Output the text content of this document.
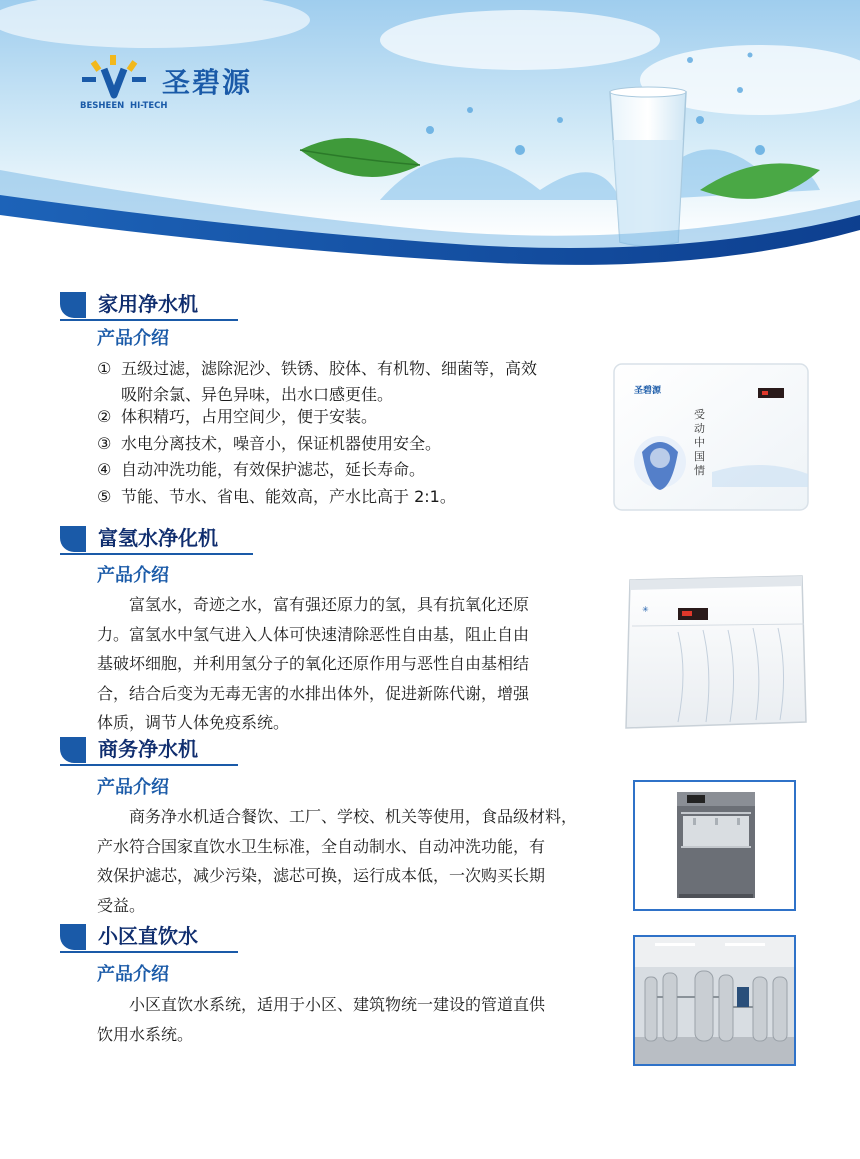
圣碧源
BESHEEN HI-TECH
家用净水机
产品介绍
① 五级过滤，滤除泥沙、铁锈、胶体、有机物、细菌等，高效
吸附余氯、异色异味，出水口感更佳。
② 体积精巧，占用空间少，便于安装。
③ 水电分离技术，噪音小，保证机器使用安全。
④ 自动冲洗功能，有效保护滤芯，延长寿命。
⑤ 节能、节水、省电、能效高，产水比高于 2:1。
圣碧源
受动中国情
富氢水净化机
产品介绍
富氢水，奇迹之水，富有强还原力的氢，具有抗氧化还原
力。富氢水中氢气进入人体可快速清除恶性自由基，阻止自由
基破坏细胞，并利用氢分子的氧化还原作用与恶性自由基相结
合，结合后变为无毒无害的水排出体外，促进新陈代谢，增强
体质，调节人体免疫系统。
✳
商务净水机
产品介绍
商务净水机适合餐饮、工厂、学校、机关等使用，食品级材料，
产水符合国家直饮水卫生标准，全自动制水、自动冲洗功能，有
效保护滤芯，减少污染，滤芯可换，运行成本低，一次购买长期
受益。
小区直饮水
产品介绍
小区直饮水系统，适用于小区、建筑物统一建设的管道直供
饮用水系统。
